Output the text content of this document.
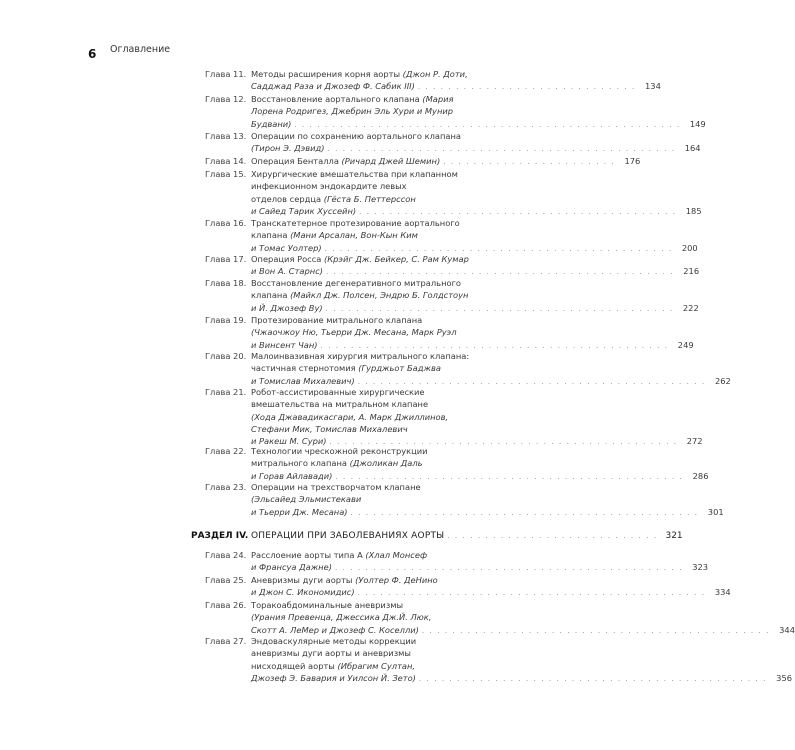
6 Оглавление
Глава 11. Методы расширения корня аорты (Джон Р. Доти,
Садджад Раза и Джозеф Ф. Сабик III) . . . . . . . . . . . . . . . . . . . . . . . . . . . . .	134
Глава 12. Восстановление аортального клапана (Мария
Лорена Родригез, Джебрин Эль Хури и Мунир
Будвани) . . . . . . . . . . . . . . . . . . . . . . . . . . . . . . . . . . . . . . . . . . . . . . . . . . .	149
Глава 13. Операции по сохранению аортального клапана
(Тирон Э. Дэвид) . . . . . . . . . . . . . . . . . . . . . . . . . . . . . . . . . . . . . . . . . . . . . .	164
Глава 14. Операция Бенталла (Ричард Джей Шемин) . . . . . . . . . . . . . . . . . . . . . . .	176
Глава 15. Хирургические вмешательства при клапанном
инфекционном эндокардите левых
отделов сердца (Гёста Б. Петтерссон
и Сайед Тарик Хуссейн) . . . . . . . . . . . . . . . . . . . . . . . . . . . . . . . . . . . . . . . . . .	185
Глава 16. Транскатетерное протезирование аортального
клапана (Мани Арсалан, Вон-Кын Ким
и Томас Уолтер) . . . . . . . . . . . . . . . . . . . . . . . . . . . . . . . . . . . . . . . . . . . . . .	200
Глава 17. Операция Росса (Крэйг Дж. Бейкер, С. Рам Кумар
и Вон А. Старнс) . . . . . . . . . . . . . . . . . . . . . . . . . . . . . . . . . . . . . . . . . . . . . .	216
Глава 18. Восстановление дегенеративного митрального
клапана (Майкл Дж. Полсен, Эндрю Б. Голдстоун
и Й. Джозеф Ву) . . . . . . . . . . . . . . . . . . . . . . . . . . . . . . . . . . . . . . . . . . . . . .	222
Глава 19. Протезирование митрального клапана
(Чжаочжоу Ню, Тьерри Дж. Месана, Марк Руэл
и Винсент Чан) . . . . . . . . . . . . . . . . . . . . . . . . . . . . . . . . . . . . . . . . . . . . . .	249
Глава 20. Малоинвазивная хирургия митрального клапана:
частичная стернотомия (Гурджьот Баджва
и Томислав Михалевич) . . . . . . . . . . . . . . . . . . . . . . . . . . . . . . . . . . . . . . . . . . . . . .	262
Глава 21. Робот-ассистированные хирургические
вмешательства на митральном клапане
(Хода Джавадикасгари, А. Марк Джиллинов,
Стефани Мик, Томислав Михалевич
и Ракеш М. Сури) . . . . . . . . . . . . . . . . . . . . . . . . . . . . . . . . . . . . . . . . . . . . . .	272
Глава 22. Технологии чрескожной реконструкции
митрального клапана (Джоликан Даль
и Горав Айлавади) . . . . . . . . . . . . . . . . . . . . . . . . . . . . . . . . . . . . . . . . . . . . . .	286
Глава 23. Операции на трехстворчатом клапане
(Эльсайед Эльмистекави
и Тьерри Дж. Месана) . . . . . . . . . . . . . . . . . . . . . . . . . . . . . . . . . . . . . . . . . . . . . .	301
РАЗДЕЛ IV. ОПЕРАЦИИ ПРИ ЗАБОЛЕВАНИЯХ АОРТЫ . . . . . . . . . . . . . . . . . . . . . . . . . . . . 321
Глава 24. Расслоение аорты типа А (Хлал Монсеф
и Франсуа Дажне) . . . . . . . . . . . . . . . . . . . . . . . . . . . . . . . . . . . . . . . . . . . . . .	323
Глава 25. Аневризмы дуги аорты (Уолтер Ф. ДеНино
и Джон С. Икономидис) . . . . . . . . . . . . . . . . . . . . . . . . . . . . . . . . . . . . . . . . . . . . . .	334
Глава 26. Торакоабдоминальные аневризмы
(Урания Превенца, Джессика Дж.Й. Люк,
Скотт А. ЛеМер и Джозеф С. Коселли) . . . . . . . . . . . . . . . . . . . . . . . . . . . . . . . . . . . . . . . . . . . . . .	344
Глава 27. Эндоваскулярные методы коррекции
аневризмы дуги аорты и аневризмы
нисходящей аорты (Ибрагим Султан,
Джозеф Э. Бавария и Уилсон Й. Зето) . . . . . . . . . . . . . . . . . . . . . . . . . . . . . . . . . . . . . . . . . . . . . .	356
